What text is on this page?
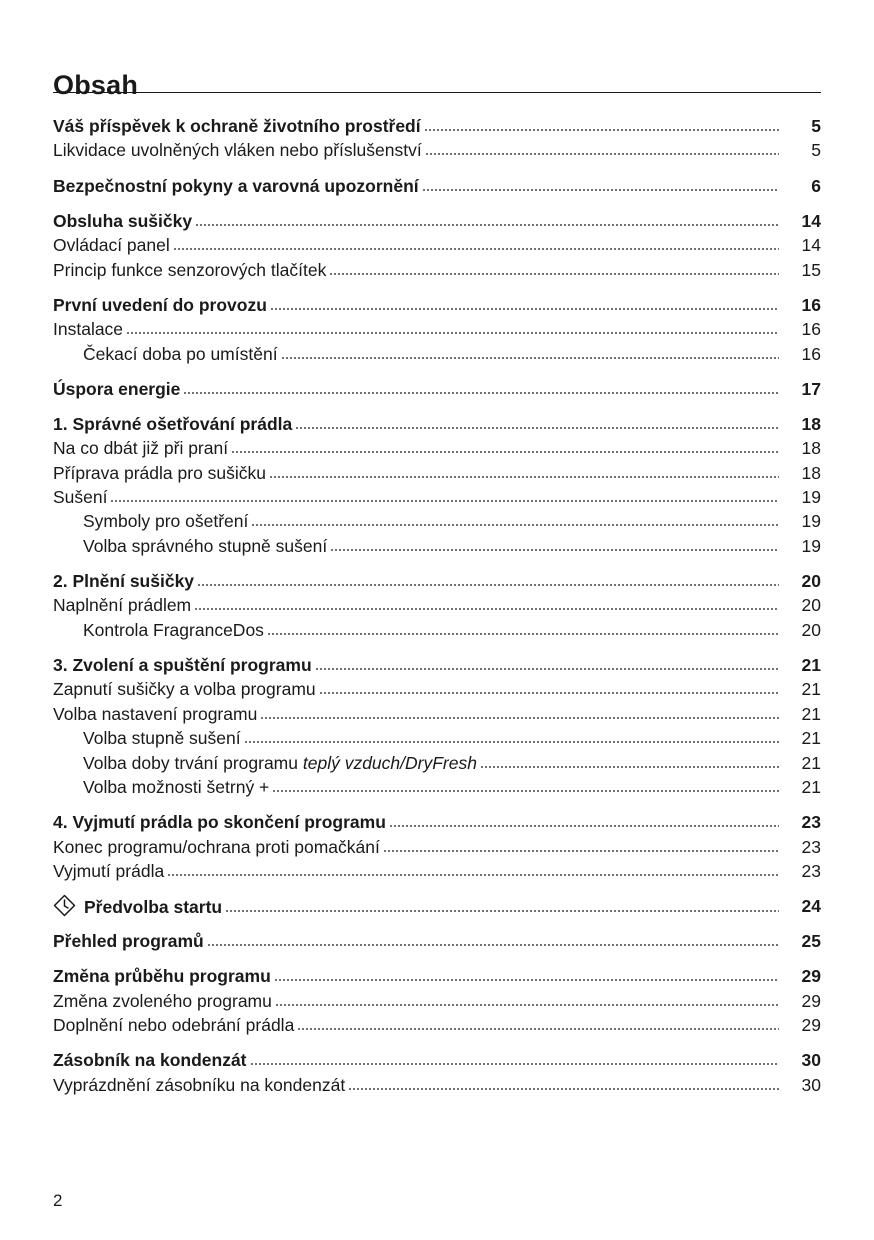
Obsah
Váš příspěvek k ochraně životního prostředí	5
Likvidace uvolněných vláken nebo příslušenství	5
Bezpečnostní pokyny a varovná upozornění	6
Obsluha sušičky	14
Ovládací panel	14
Princip funkce senzorových tlačítek	15
První uvedení do provozu	16
Instalace	16
Čekací doba po umístění	16
Úspora energie	17
1. Správné ošetřování prádla	18
Na co dbát již při praní	18
Příprava prádla pro sušičku	18
Sušení	19
Symboly pro ošetření	19
Volba správného stupně sušení	19
2. Plnění sušičky	20
Naplnění prádlem	20
Kontrola FragranceDos	20
3. Zvolení a spuštění programu	21
Zapnutí sušičky a volba programu	21
Volba nastavení programu	21
Volba stupně sušení	21
Volba doby trvání programu teplý vzduch/DryFresh	21
Volba možnosti šetrný +	21
4. Vyjmutí prádla po skončení programu	23
Konec programu/ochrana proti pomačkání	23
Vyjmutí prádla	23
Předvolba startu	24
Přehled programů	25
Změna průběhu programu	29
Změna zvoleného programu	29
Doplnění nebo odebrání prádla	29
Zásobník na kondenzát	30
Vyprázdnění zásobníku na kondenzát	30
2
